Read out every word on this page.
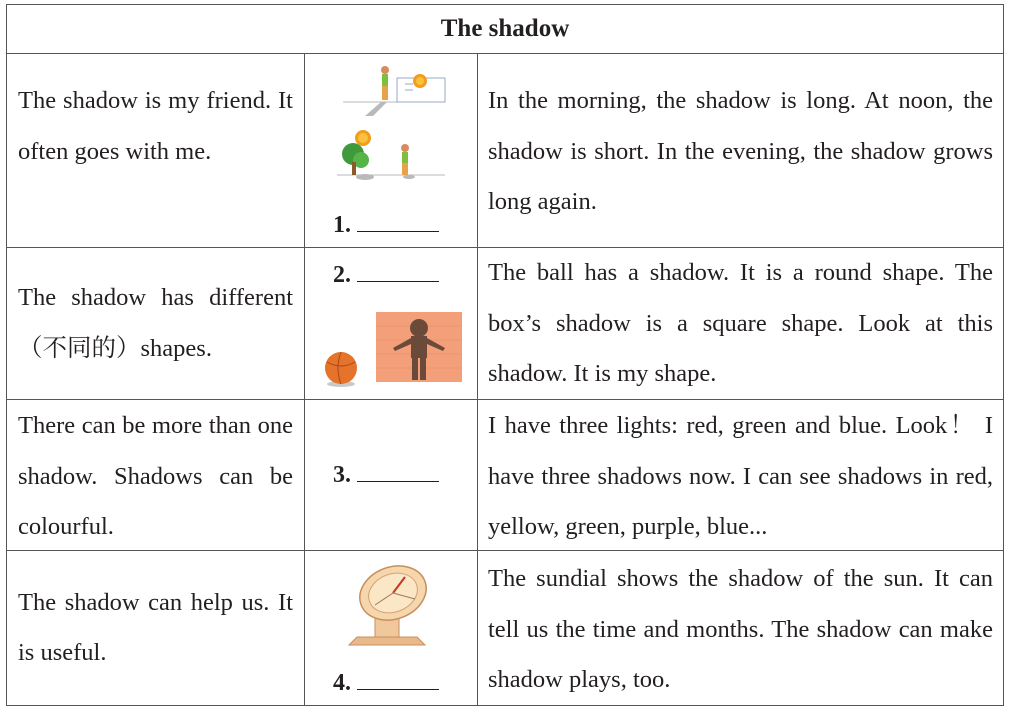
The shadow
The shadow is my friend. It often goes with me.
1.
In the morning, the shadow is long. At noon, the shadow is short. In the evening, the shadow grows long again.
The shadow has different（不同的）shapes.
2.	The ball has a shadow. It is a round shape. The box’s shadow is a square shape. Look at this shadow. It is my shape.
There can be more than one shadow. Shadows can be colourful.
3.
I have three lights: red, green and blue. Look！ I have three shadows now. I can see shadows in red, yellow, green, purple, blue...
The shadow can help us. It is useful.
4.
The sundial shows the shadow of the sun. It can tell us the time and months. The shadow can make shadow plays, too.
